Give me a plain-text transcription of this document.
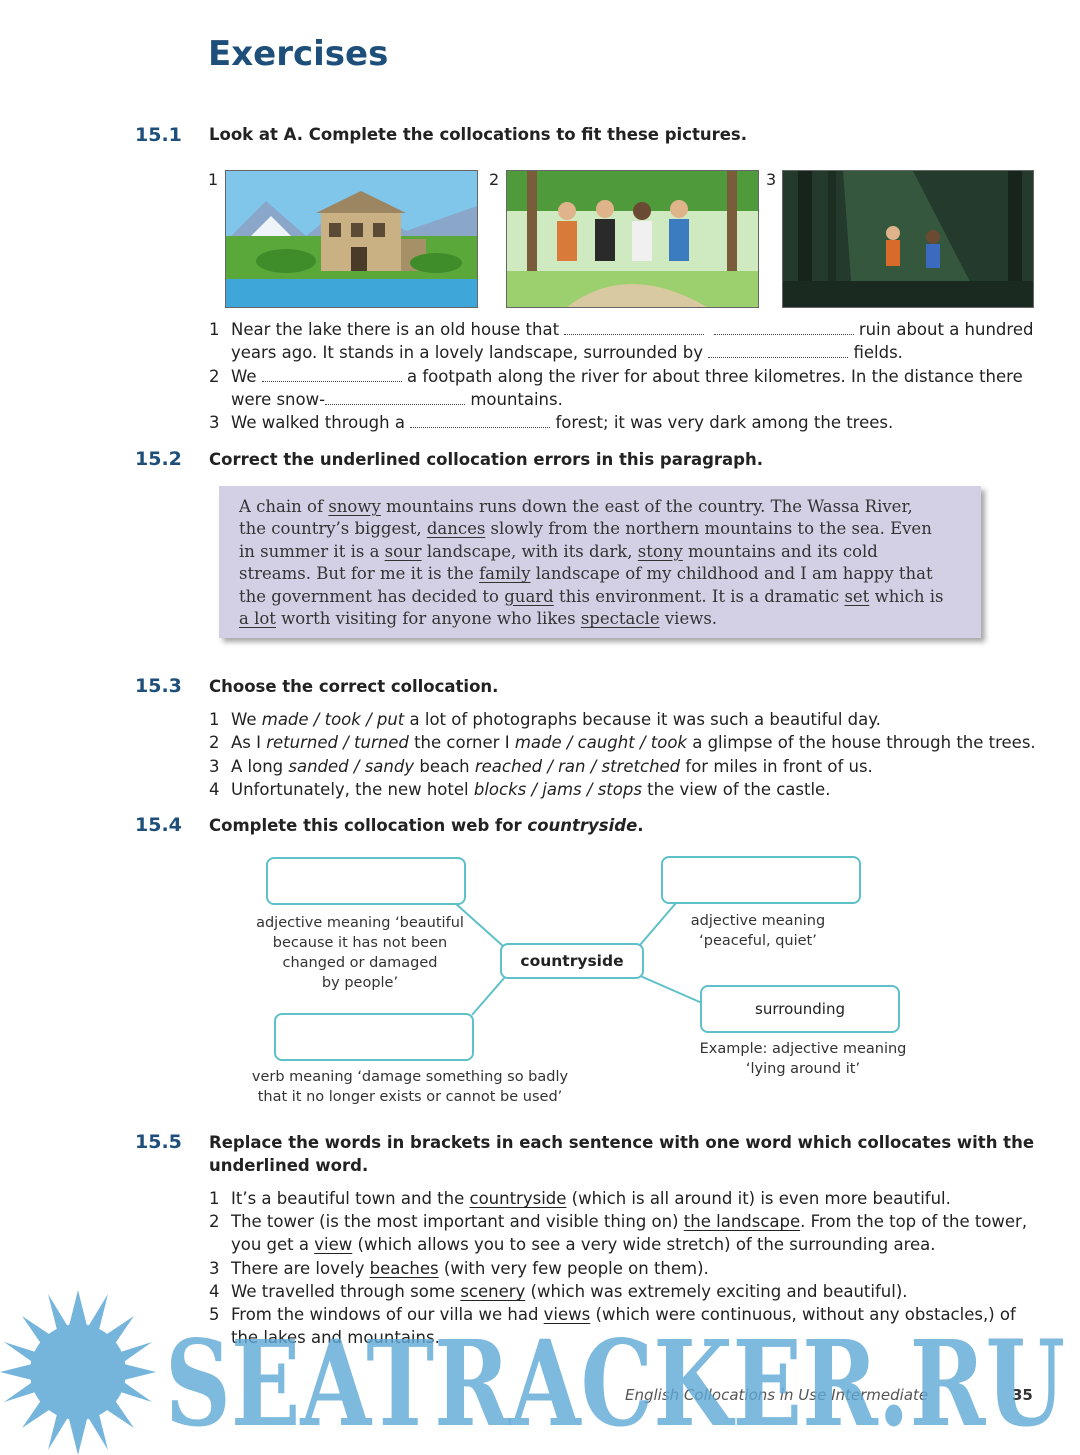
Exercises
15.1 Look at A. Complete the collocations to fit these pictures.
1	2	3
1 Near the lake there is an old house that	ruin about a hundred
years ago. It stands in a lovely landscape, surrounded by	fields.
2 We	a footpath along the river for about three kilometres. In the distance there
were snow-	mountains.
3 We walked through a	forest; it was very dark among the trees.
15.2 Correct the underlined collocation errors in this paragraph.
A chain of snowy mountains runs down the east of the country. The Wassa River,
the country’s biggest, dances slowly from the northern mountains to the sea. Even
in summer it is a sour landscape, with its dark, stony mountains and its cold
streams. But for me it is the family landscape of my childhood and I am happy that
the government has decided to guard this environment. It is a dramatic set which is
a lot worth visiting for anyone who likes spectacle views.
15.3 Choose the correct collocation.
1 We made / took / put a lot of photographs because it was such a beautiful day.
2 As I returned / turned the corner I made / caught / took a glimpse of the house through the trees.
3 A long sanded / sandy beach reached / ran / stretched for miles in front of us.
4 Unfortunately, the new hotel blocks / jams / stops the view of the castle.
15.4 Complete this collocation web for countryside.
countryside
surrounding
adjective meaning ‘beautiful
because it has not been
changed or damaged
by people’
adjective meaning
‘peaceful, quiet’
Example: adjective meaning
‘lying around it’
verb meaning ‘damage something so badly
that it no longer exists or cannot be used’
15.5 Replace the words in brackets in each sentence with one word which collocates with the
underlined word.
1 It’s a beautiful town and the countryside (which is all around it) is even more beautiful.
2 The tower (is the most important and visible thing on) the landscape. From the top of the tower,
you get a view (which allows you to see a very wide stretch) of the surrounding area.
3 There are lovely beaches (with very few people on them).
4 We travelled through some scenery (which was extremely exciting and beautiful).
5 From the windows of our villa we had views (which were continuous, without any obstacles,) of
the lakes and mountains.
English Collocations in Use Intermediate	35
SEATRACKER.RU
